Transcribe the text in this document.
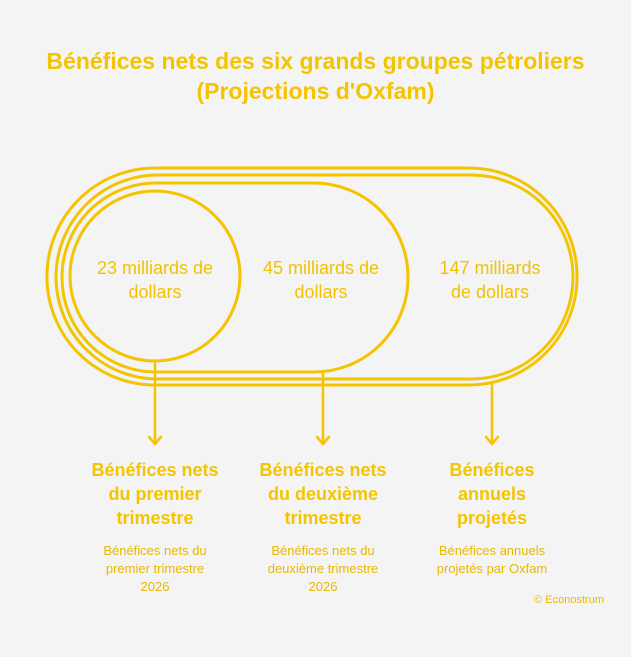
Bénéfices nets des six grands groupes pétroliers
(Projections d'Oxfam)
23 milliards de
dollars
45 milliards de
dollars
147 milliards
de dollars
Bénéfices nets
du premier
trimestre
Bénéfices nets du
premier trimestre
2026
Bénéfices nets
du deuxième
trimestre
Bénéfices nets du
deuxième trimestre
2026
Bénéfices
annuels
projetés
Bénéfices annuels
projetés par Oxfam
© Econostrum
